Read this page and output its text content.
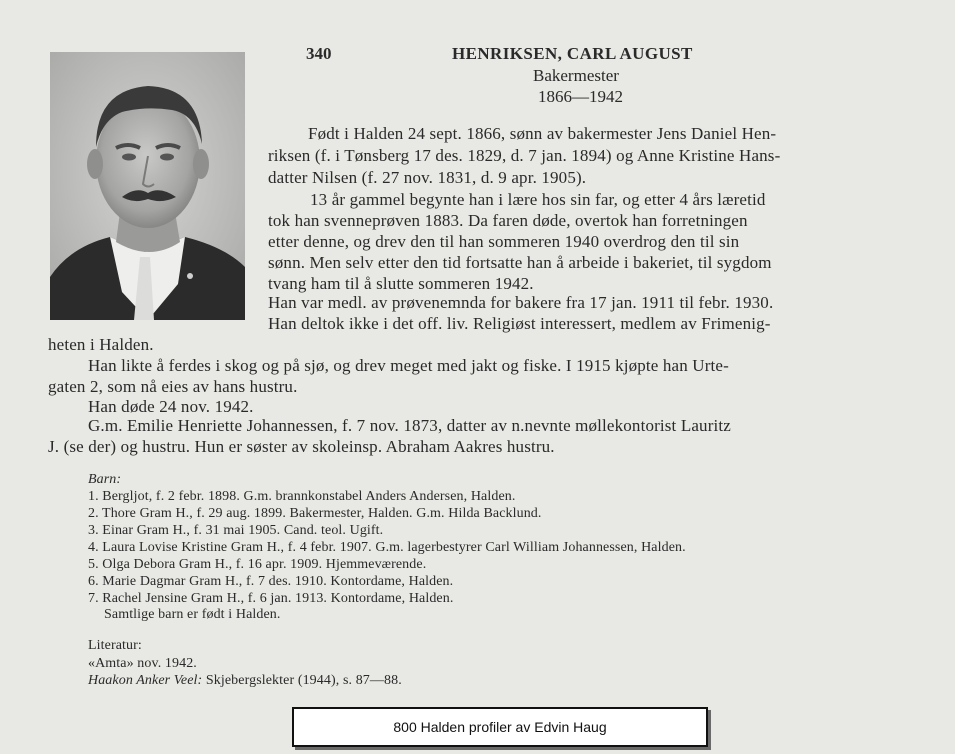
340	HENRIKSEN, CARL AUGUST
Bakermester
1866—1942
Født i Halden 24 sept. 1866, sønn av bakermester Jens Daniel Hen-
riksen (f. i Tønsberg 17 des. 1829, d. 7 jan. 1894) og Anne Kristine Hans-
datter Nilsen (f. 27 nov. 1831, d. 9 apr. 1905).
13 år gammel begynte han i lære hos sin far, og etter 4 års læretid
tok han svenneprøven 1883. Da faren døde, overtok han forretningen
etter denne, og drev den til han sommeren 1940 overdrog den til sin
sønn. Men selv etter den tid fortsatte han å arbeide i bakeriet, til sygdom
tvang ham til å slutte sommeren 1942.
Han var medl. av prøvenemnda for bakere fra 17 jan. 1911 til febr. 1930.
Han deltok ikke i det off. liv. Religiøst interessert, medlem av Frimenig-
heten i Halden.
Han likte å ferdes i skog og på sjø, og drev meget med jakt og fiske. I 1915 kjøpte han Urte-
gaten 2, som nå eies av hans hustru.
Han døde 24 nov. 1942.
G.m. Emilie Henriette Johannessen, f. 7 nov. 1873, datter av n.nevnte møllekontorist Lauritz
J. (se der) og hustru. Hun er søster av skoleinsp. Abraham Aakres hustru.
Barn:
1. Bergljot, f. 2 febr. 1898. G.m. brannkonstabel Anders Andersen, Halden.
2. Thore Gram H., f. 29 aug. 1899. Bakermester, Halden. G.m. Hilda Backlund.
3. Einar Gram H., f. 31 mai 1905. Cand. teol. Ugift.
4. Laura Lovise Kristine Gram H., f. 4 febr. 1907. G.m. lagerbestyrer Carl William Johannessen, Halden.
5. Olga Debora Gram H., f. 16 apr. 1909. Hjemmeværende.
6. Marie Dagmar Gram H., f. 7 des. 1910. Kontordame, Halden.
7. Rachel Jensine Gram H., f. 6 jan. 1913. Kontordame, Halden.
Samtlige barn er født i Halden.
Literatur:
«Amta» nov. 1942.
Haakon Anker Veel: Skjebergslekter (1944), s. 87—88.
800 Halden profiler av Edvin Haug
